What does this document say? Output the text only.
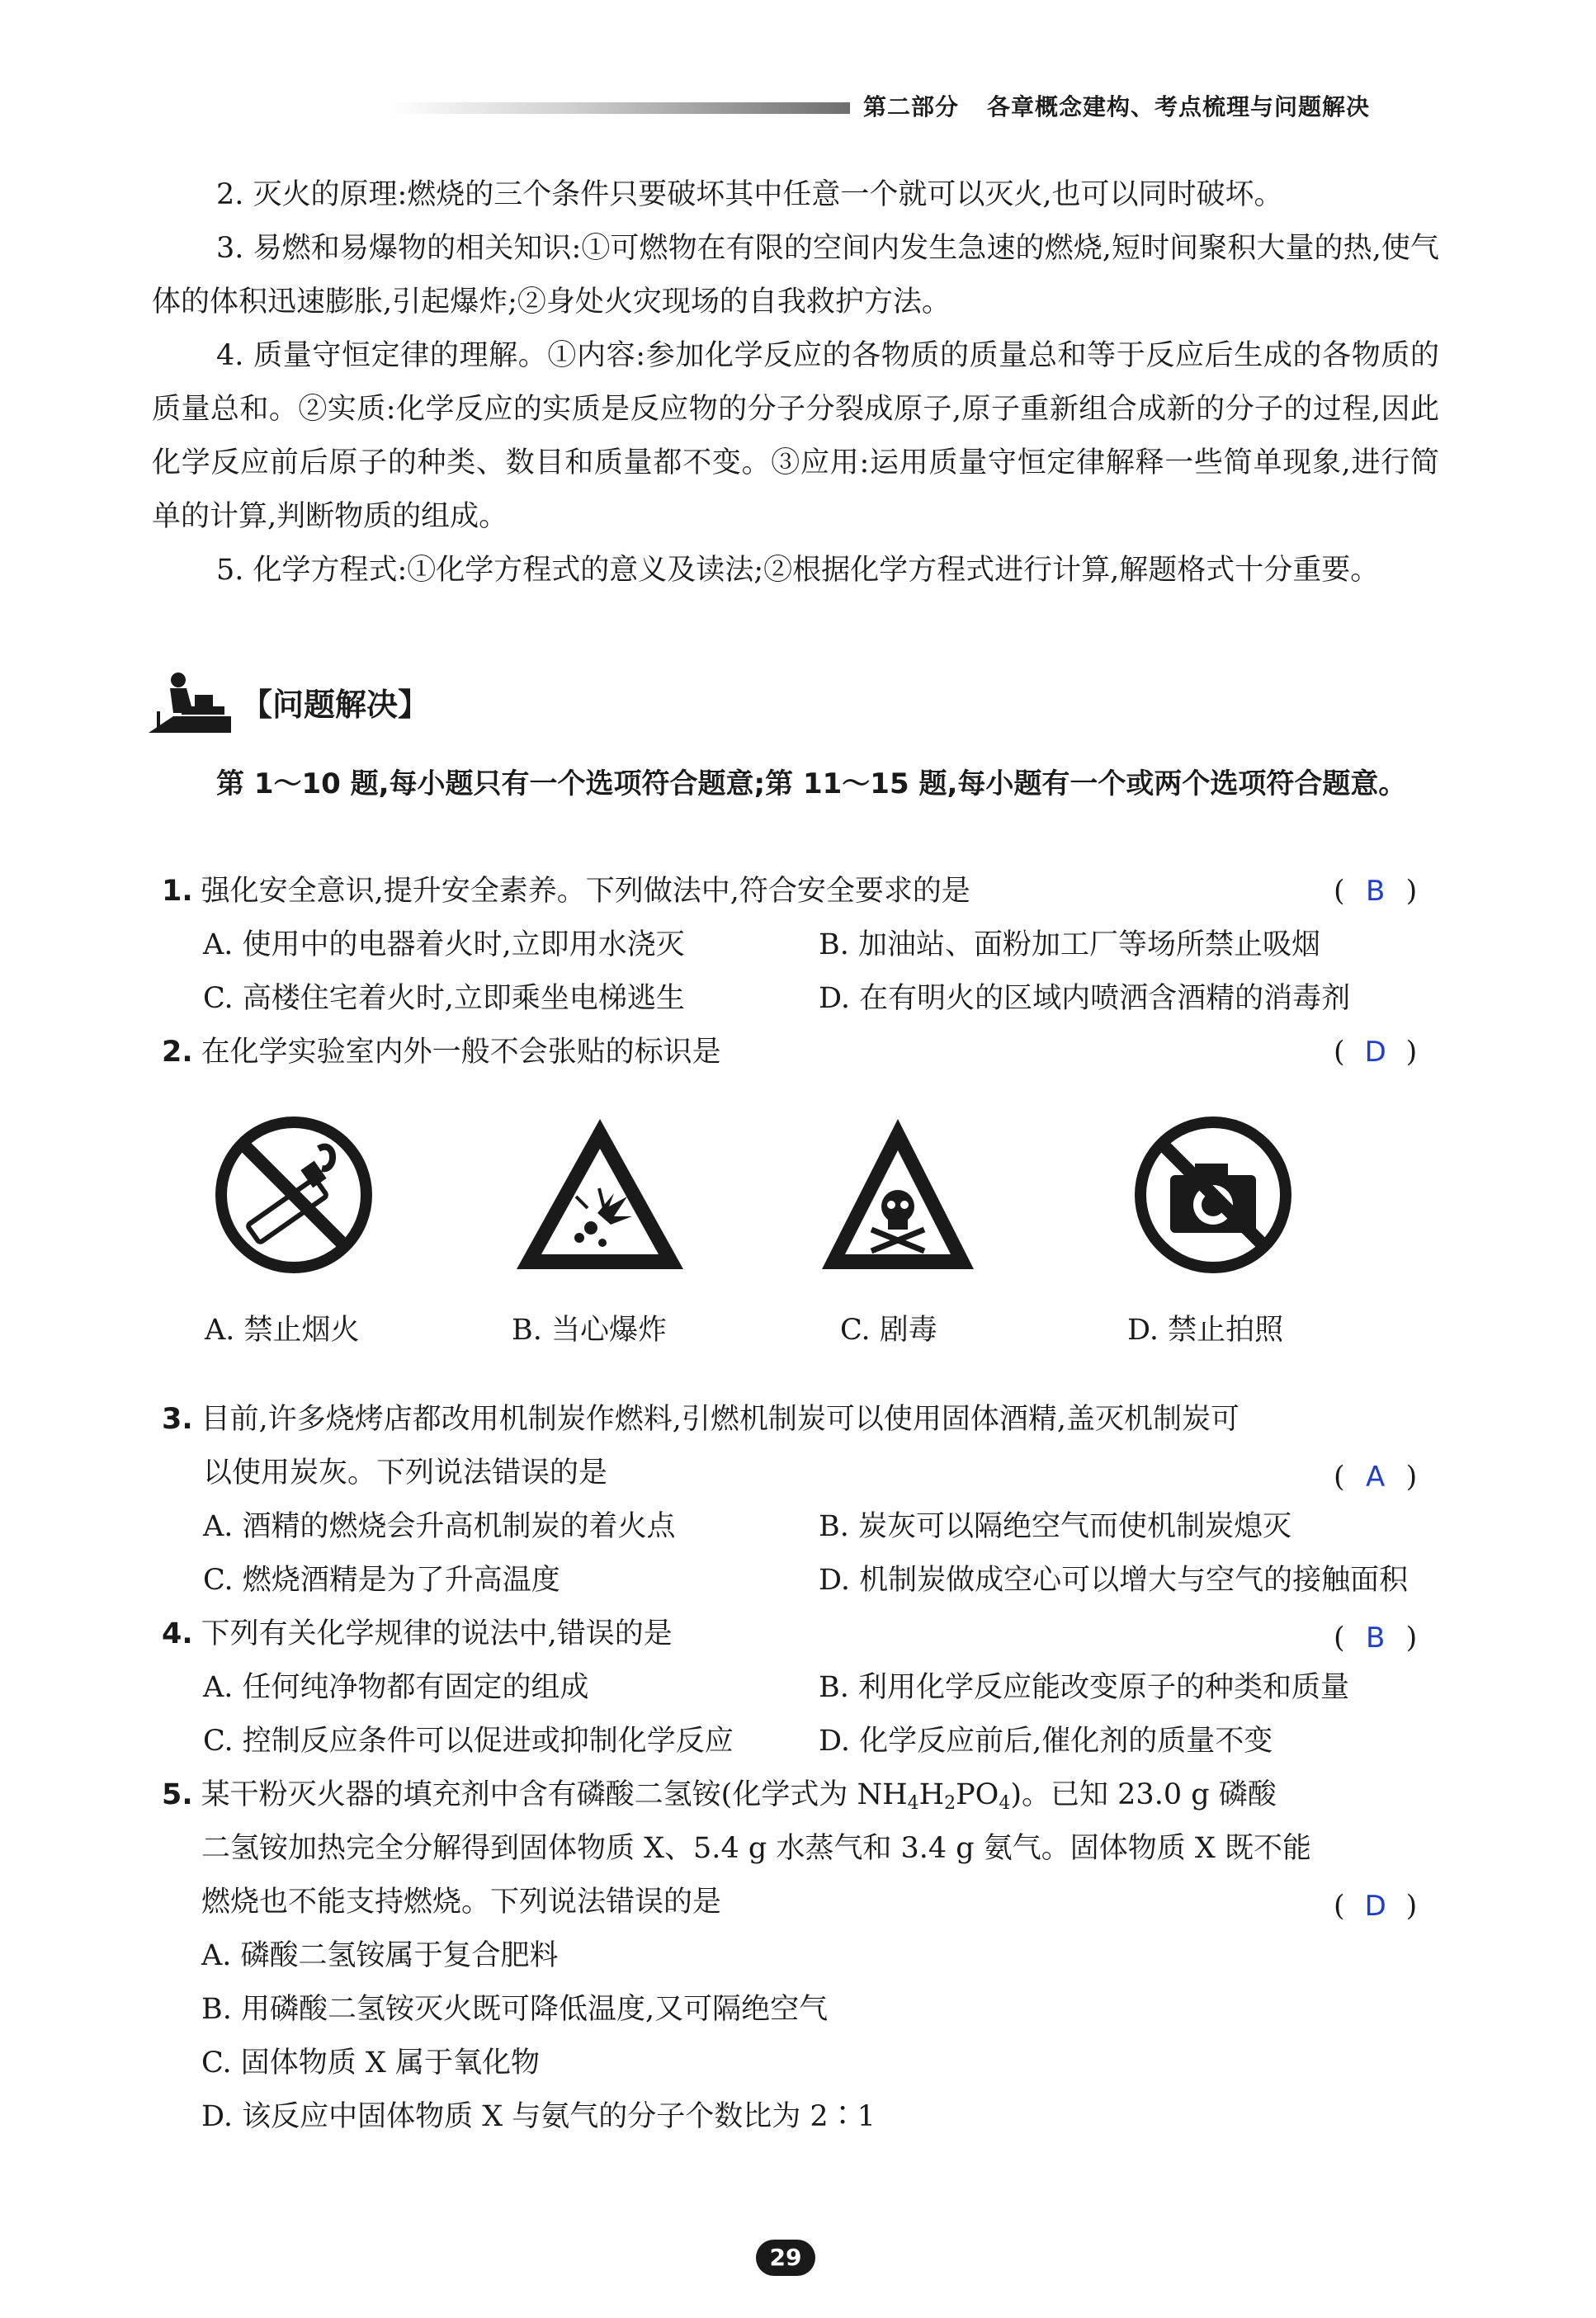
第二部分 各章概念建构、考点梳理与问题解决

2. 灭火的原理:燃烧的三个条件只要破坏其中任意一个就可以灭火,也可以同时破坏。

3. 易燃和易爆物的相关知识:①可燃物在有限的空间内发生急速的燃烧,短时间聚积大量的热,使气体的体积迅速膨胀,引起爆炸;②身处火灾现场的自我救护方法。

4. 质量守恒定律的理解。①内容:参加化学反应的各物质的质量总和等于反应后生成的各物质的质量总和。②实质:化学反应的实质是反应物的分子分裂成原子,原子重新组合成新的分子的过程,因此化学反应前后原子的种类、数目和质量都不变。③应用:运用质量守恒定律解释一些简单现象,进行简单的计算,判断物质的组成。

5. 化学方程式:①化学方程式的意义及读法;②根据化学方程式进行计算,解题格式十分重要。

【问题解决】

第 1～10 题,每小题只有一个选项符合题意;第 11～15 题,每小题有一个或两个选项符合题意。

1. 强化安全意识,提升安全素养。下列做法中,符合安全要求的是	( B )
A. 使用中的电器着火时,立即用水浇灭	B. 加油站、面粉加工厂等场所禁止吸烟
C. 高楼住宅着火时,立即乘坐电梯逃生	D. 在有明火的区域内喷洒含酒精的消毒剂
2. 在化学实验室内外一般不会张贴的标识是	( D )
A. 禁止烟火	B. 当心爆炸	C. 剧毒	D. 禁止拍照
3. 目前,许多烧烤店都改用机制炭作燃料,引燃机制炭可以使用固体酒精,盖灭机制炭可
以使用炭灰。下列说法错误的是	( A )
A. 酒精的燃烧会升高机制炭的着火点	B. 炭灰可以隔绝空气而使机制炭熄灭
C. 燃烧酒精是为了升高温度	D. 机制炭做成空心可以增大与空气的接触面积
4. 下列有关化学规律的说法中,错误的是	( B )
A. 任何纯净物都有固定的组成	B. 利用化学反应能改变原子的种类和质量
C. 控制反应条件可以促进或抑制化学反应	D. 化学反应前后,催化剂的质量不变
5. 某干粉灭火器的填充剂中含有磷酸二氢铵(化学式为 $NH_4H_2PO_4$)。已知 23.0 g 磷酸
二氢铵加热完全分解得到固体物质 X、5.4 g 水蒸气和 3.4 g 氨气。固体物质 X 既不能
燃烧也不能支持燃烧。下列说法错误的是	( D )
A. 磷酸二氢铵属于复合肥料
B. 用磷酸二氢铵灭火既可降低温度,又可隔绝空气
C. 固体物质 X 属于氧化物
D. 该反应中固体物质 X 与氨气的分子个数比为 2∶1
29
